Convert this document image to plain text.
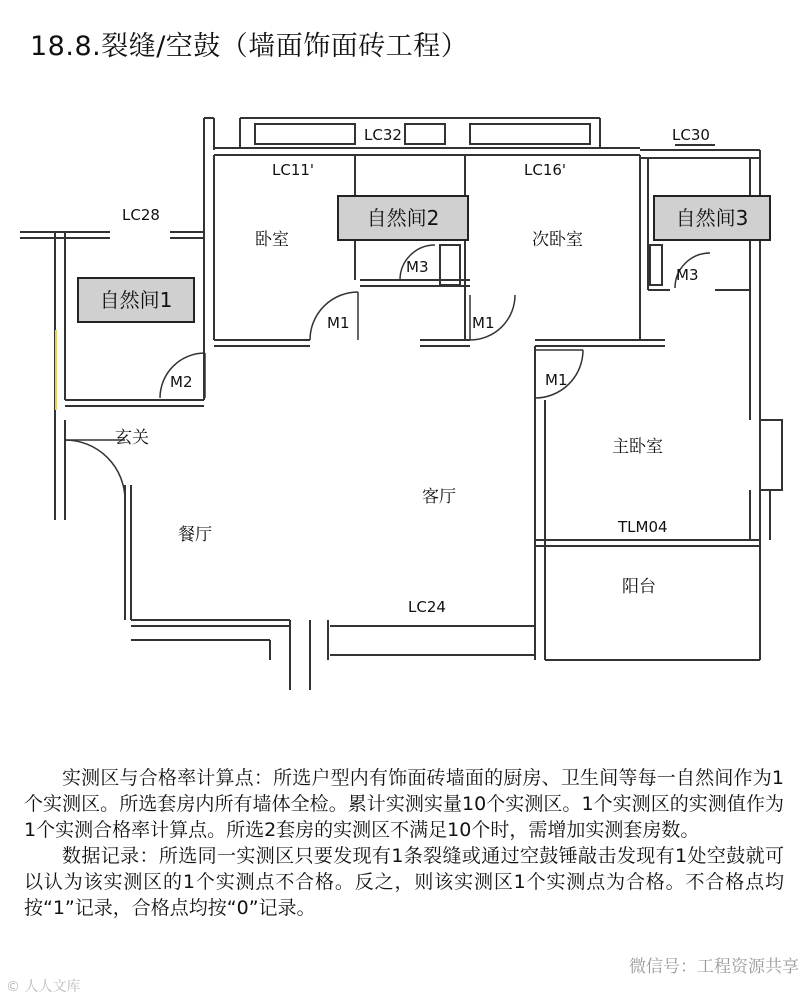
18.8.裂缝/空鼓（墙面饰面砖工程）
自然间2	自然间3
自然间1
卧室	次卧室
主卧室
玄关
餐厅
客厅
阳台
LC11'	LC16'
LC28
LC30
LC32
LC24
TLM04
M1	M1
M1
M2
M3	M3

实测区与合格率计算点：所选户型内有饰面砖墙面的厨房、卫生间等每一自然间作为1个实测区。所选套房内所有墙体全检。累计实测实量10个实测区。1个实测区的实测值作为1个实测合格率计算点。所选2套房的实测区不满足10个时，需增加实测套房数。

数据记录：所选同一实测区只要发现有1条裂缝或通过空鼓锤敲击发现有1处空鼓就可以认为该实测区的1个实测点不合格。反之，则该实测区1个实测点为合格。不合格点均按“1”记录，合格点均按“0”记录。

© 人人文库
微信号：工程资源共享
